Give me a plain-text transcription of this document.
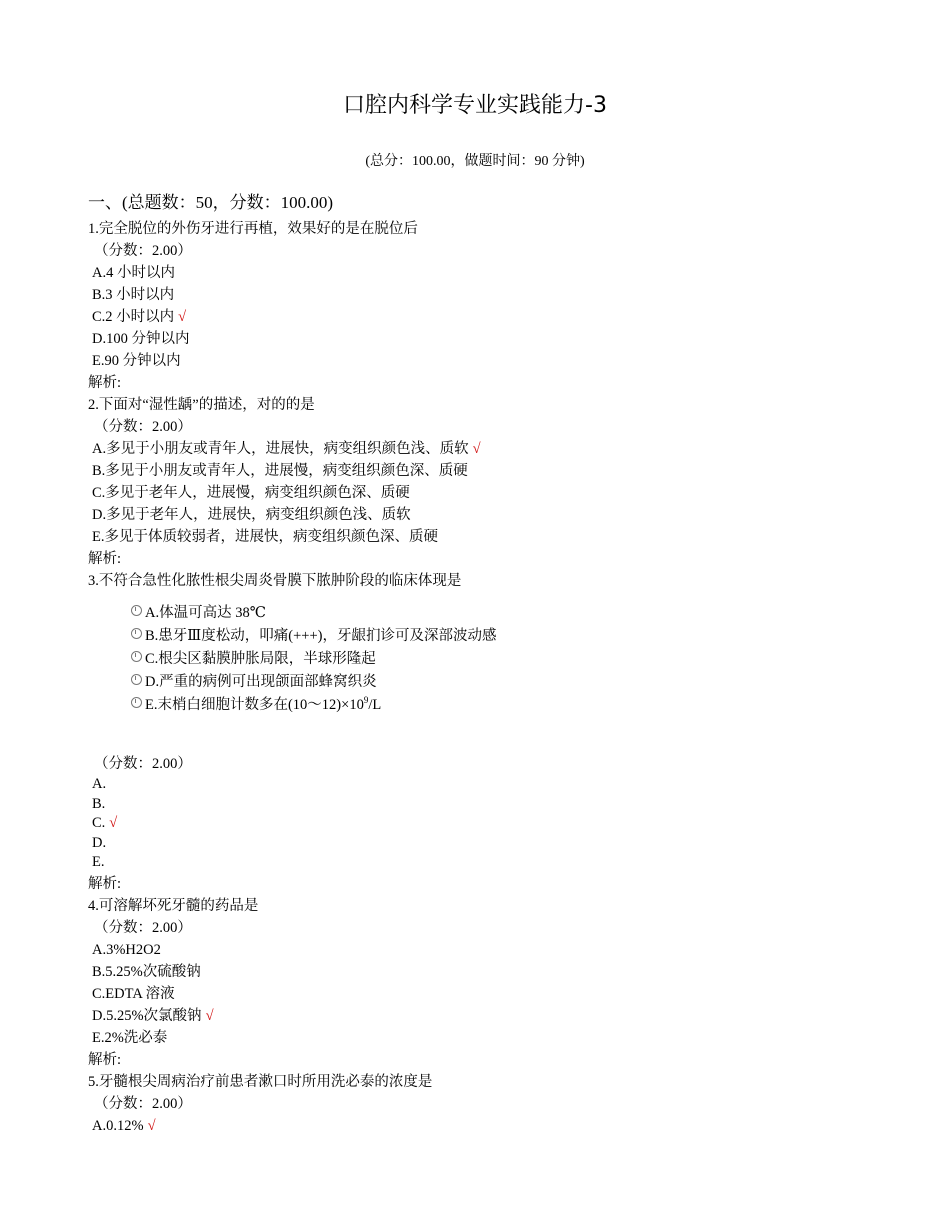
口腔内科学专业实践能力-3
(总分：100.00，做题时间：90 分钟)
一、(总题数：50，分数：100.00)
1.完全脱位的外伤牙进行再植，效果好的是在脱位后
（分数：2.00）
A.4 小时以内
B.3 小时以内
C.2 小时以内 √
D.100 分钟以内
E.90 分钟以内
解析:
2.下面对“湿性龋”的描述，对的的是
（分数：2.00）
A.多见于小朋友或青年人，进展快，病变组织颜色浅、质软 √
B.多见于小朋友或青年人，进展慢，病变组织颜色深、质硬
C.多见于老年人，进展慢，病变组织颜色深、质硬
D.多见于老年人，进展快，病变组织颜色浅、质软
E.多见于体质较弱者，进展快，病变组织颜色深、质硬
解析:
3.不符合急性化脓性根尖周炎骨膜下脓肿阶段的临床体现是
A.体温可高达 38℃
B.患牙Ⅲ度松动，叩痛(+++)，牙龈扪诊可及深部波动感
C.根尖区黏膜肿胀局限，半球形隆起
D.严重的病例可出现颌面部蜂窝织炎
E.末梢白细胞计数多在$(10\sim 12)\times 10^9/L$
（分数：2.00）
A.
B.
C. √
D.
E.
解析:
4.可溶解坏死牙髓的药品是
（分数：2.00）
A.3%H2O2
B.5.25%次硫酸钠
C.EDTA 溶液
D.5.25%次氯酸钠 √
E.2%洗必泰
解析:
5.牙髓根尖周病治疗前患者漱口时所用洗必泰的浓度是
（分数：2.00）
A.0.12% √
